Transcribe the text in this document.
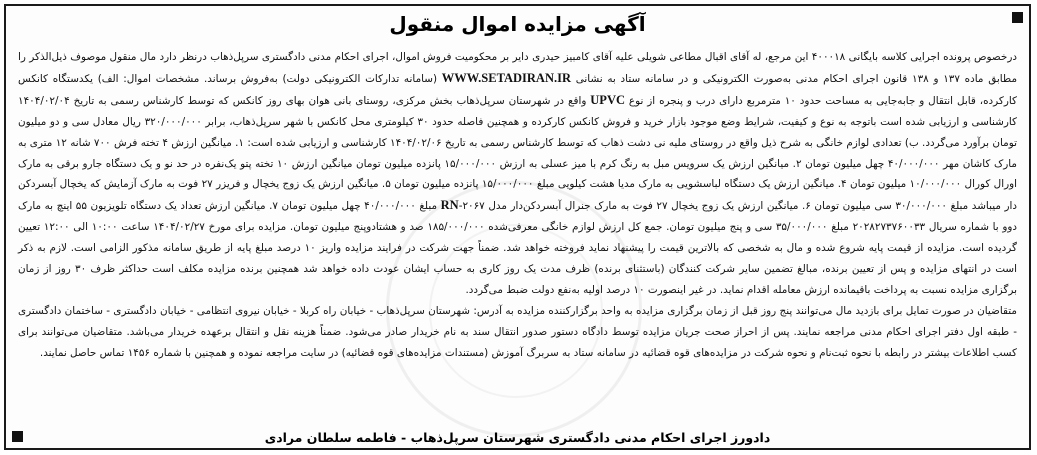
آگهی مزایده اموال منقول

درخصوص پرونده اجرایی کلاسه بایگانی ۴۰۰۰۱۸ این مرجع، له آقای اقبال مطاعی شویلی علیه آقای کامبیز حیدری دایر بر محکومیت فروش اموال، اجرای احکام مدنی دادگستری سرپل‌ذهاب درنظر دارد مال منقول موصوف ذیل‌الذکر را مطابق ماده ۱۳۷ و ۱۳۸ قانون اجرای احکام مدنی به‌صورت الکترونیکی و در سامانه ستاد به نشانی WWW.SETADIRAN.IR (سامانه تدارکات الکترونیکی دولت) به‌فروش برساند. مشخصات اموال: الف) یکدستگاه کانکس کارکرده، قابل انتقال و جابه‌جایی به مساحت حدود ۱۰ مترمربع دارای درب و پنجره از نوع UPVC واقع در شهرستان سرپل‌ذهاب بخش مرکزی، روستای بانی هوان بهای روز کانکس که توسط کارشناس رسمی به تاریخ ۱۴۰۴/۰۲/۰۴ کارشناسی و ارزیابی شده است باتوجه به نوع و کیفیت، شرایط وضع موجود بازار خرید و فروش کانکس کارکرده و همچنین فاصله حدود ۳۰ کیلومتری محل کانکس با شهر سرپل‌ذهاب، برابر ۳۲۰/۰۰۰/۰۰۰ ریال معادل سی و دو میلیون تومان برآورد می‌گردد. ب) تعدادی لوازم خانگی به شرح ذیل واقع در روستای ملیه نی دشت ذهاب که توسط کارشناس رسمی به تاریخ ۱۴۰۴/۰۲/۰۶ کارشناسی و ارزیابی شده است: ۱. میانگین ارزش ۴ تخته فرش ۷۰۰ شانه ۱۲ متری به مارک کاشان مهر ۴۰/۰۰۰/۰۰۰ چهل میلیون تومان ۲. میانگین ارزش یک سرویس مبل به رنگ کرم با میز عسلی به ارزش ۱۵/۰۰۰/۰۰۰ پانزده میلیون تومان میانگین ارزش ۱۰ تخته پتو یک‌نفره در حد نو و یک دستگاه جارو برقی به مارک اورال کورال ۱۰/۰۰۰/۰۰۰ میلیون تومان ۴. میانگین ارزش یک دستگاه لباسشویی به مارک مدیا هشت کیلویی مبلغ ۱۵/۰۰۰/۰۰۰ پانزده میلیون تومان ۵. میانگین ارزش یک زوج یخچال و فریزر ۲۷ فوت به مارک آزمایش که یخچال آبسردکن دار میباشد مبلغ ۳۰/۰۰۰/۰۰۰ سی میلیون تومان ۶. میانگین ارزش یک زوج یخچال ۲۷ فوت به مارک جنرال آبسردکن‌دار مدل ۲۰۶۷-RN مبلغ ۴۰/۰۰۰/۰۰۰ چهل میلیون تومان ۷. میانگین ارزش تعداد یک دستگاه تلویزیون ۵۵ اینچ به مارک دوو با شماره سریال ۲۰۲۸۲۷۳۷۶۰۰۳۳ مبلغ ۳۵/۰۰۰/۰۰۰ سی و پنج میلیون تومان. جمع کل ارزش لوازم خانگی معرفی‌شده ۱۸۵/۰۰۰/۰۰۰ صد و هشتادوپنج میلیون تومان. مزایده برای مورخ ۱۴۰۴/۰۲/۲۷ ساعت ۱۰:۰۰ الی ۱۲:۰۰ تعیین گردیده است. مزایده از قیمت پایه شروع شده و مال به شخصی که بالاترین قیمت را پیشنهاد نماید فروخته خواهد شد. ضمناً جهت شرکت در فرایند مزایده واریز ۱۰ درصد مبلغ پایه از طریق سامانه مذکور الزامی است. لازم به ذکر است در انتهای مزایده و پس از تعیین برنده، مبالغ تضمین سایر شرکت کنندگان (باستثنای برنده) ظرف مدت یک روز کاری به حساب ایشان عودت داده خواهد شد همچنین برنده مزایده مکلف است حداکثر ظرف ۳۰ روز از زمان برگزاری مزایده نسبت به پرداخت باقیمانده ارزش معامله اقدام نماید. در غیر اینصورت ۱۰ درصد اولیه به‌نفع دولت ضبط می‌گردد.

متقاضیان در صورت تمایل برای بازدید مال می‌توانند پنج روز قبل از زمان برگزاری مزایده به واحد برگزارکننده مزایده به آدرس: شهرستان سرپل‌ذهاب - خیابان راه کربلا - خیابان نیروی انتظامی - خیابان دادگستری - ساختمان دادگستری - طبقه اول دفتر اجرای احکام مدنی مراجعه نمایند. پس از احراز صحت جریان مزایده توسط دادگاه دستور صدور انتقال سند به نام خریدار صادر می‌شود. ضمناً هزینه نقل و انتقال برعهده خریدار می‌باشد. متقاضیان می‌توانند برای کسب اطلاعات بیشتر در رابطه با نحوه ثبت‌نام و نحوه شرکت در مزایده‌های قوه قضائیه در سامانه ستاد به سربرگ آموزش (مستندات مزایده‌های قوه قضائیه) در سایت مراجعه نموده و همچنین با شماره ۱۴۵۶ تماس حاصل نمایند.

دادورز اجرای احکام مدنی دادگستری شهرستان سرپل‌ذهاب - فاطمه سلطان مرادی
